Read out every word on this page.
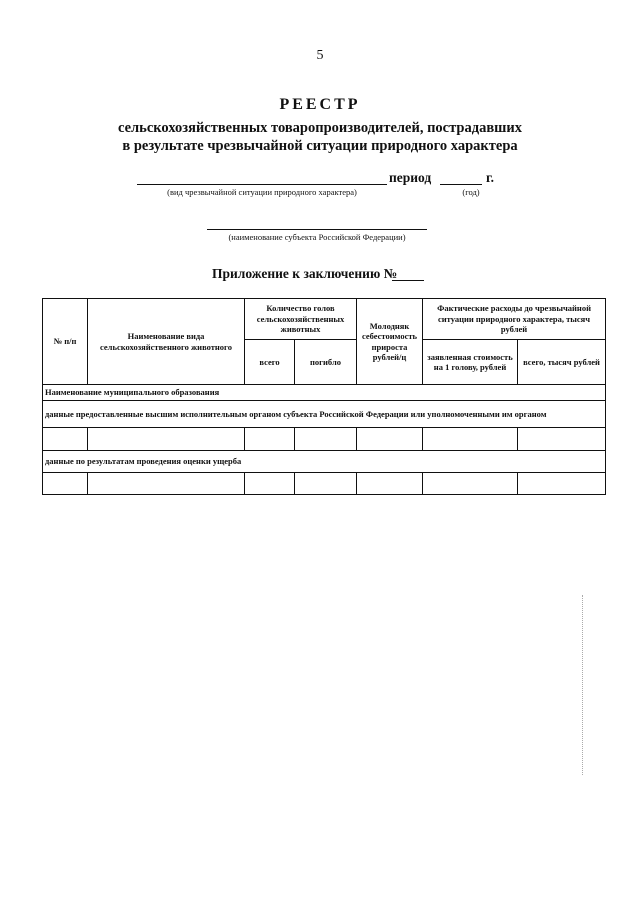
5
РЕЕСТР
сельскохозяйственных товаропроизводителей, пострадавших
в результате чрезвычайной ситуации природного характера
период	г.
(вид чрезвычайной ситуации природного характера)	(год)
(наименование субъекта Российской Федерации)
Приложение к заключению №
№ п/п	Наименование вида сельскохозяйственного животного	Количество голов сельскохозяйственных животных		Молодняк себестоимость прироста рублей/ц	Фактические расходы до чрезвычайной ситуации природного характера, тысяч рублей	
		всего	погибло		заявленная стоимость на 1 голову, рублей	всего, тысяч рублей
Наименование муниципального образования						
данные предоставленные высшим исполнительным органом субъекта Российской Федерации или уполномоченными им органом						

данные по результатам проведения оценки ущерба						
